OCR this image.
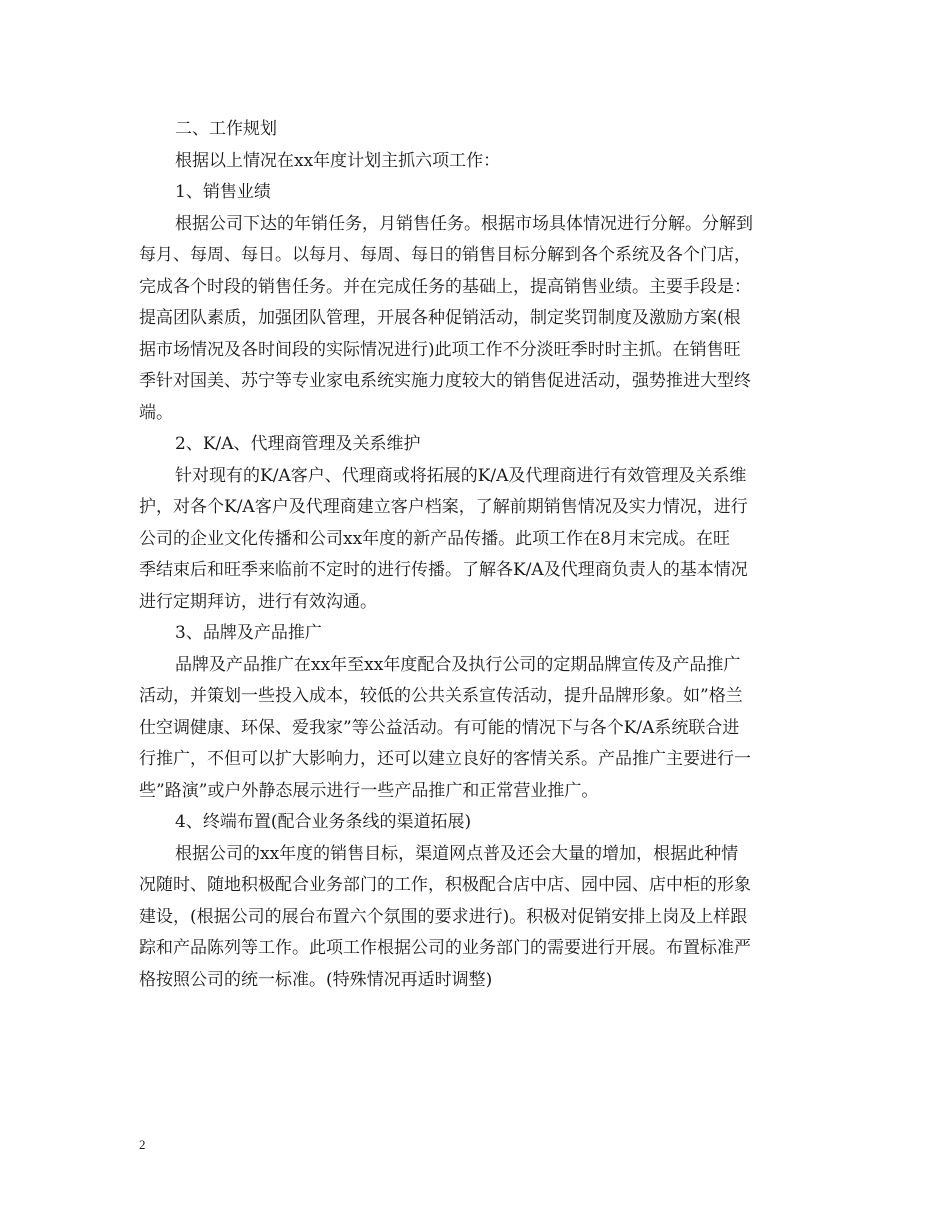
二、工作规划
根据以上情况在xx年度计划主抓六项工作：
1、销售业绩
根据公司下达的年销任务，月销售任务。根据市场具体情况进行分解。分解到
每月、每周、每日。以每月、每周、每日的销售目标分解到各个系统及各个门店，
完成各个时段的销售任务。并在完成任务的基础上，提高销售业绩。主要手段是：
提高团队素质，加强团队管理，开展各种促销活动，制定奖罚制度及激励方案(根
据市场情况及各时间段的实际情况进行)此项工作不分淡旺季时时主抓。在销售旺
季针对国美、苏宁等专业家电系统实施力度较大的销售促进活动，强势推进大型终
端。
2、K/A、代理商管理及关系维护
针对现有的K/A客户、代理商或将拓展的K/A及代理商进行有效管理及关系维
护，对各个K/A客户及代理商建立客户档案，了解前期销售情况及实力情况，进行
公司的企业文化传播和公司xx年度的新产品传播。此项工作在8月末完成。在旺
季结束后和旺季来临前不定时的进行传播。了解各K/A及代理商负责人的基本情况
进行定期拜访，进行有效沟通。
3、品牌及产品推广
品牌及产品推广在xx年至xx年度配合及执行公司的定期品牌宣传及产品推广
活动，并策划一些投入成本，较低的公共关系宣传活动，提升品牌形象。如”格兰
仕空调健康、环保、爱我家”等公益活动。有可能的情况下与各个K/A系统联合进
行推广，不但可以扩大影响力，还可以建立良好的客情关系。产品推广主要进行一
些”路演”或户外静态展示进行一些产品推广和正常营业推广。
4、终端布置(配合业务条线的渠道拓展)
根据公司的xx年度的销售目标，渠道网点普及还会大量的增加，根据此种情
况随时、随地积极配合业务部门的工作，积极配合店中店、园中园、店中柜的形象
建设，(根据公司的展台布置六个氛围的要求进行)。积极对促销安排上岗及上样跟
踪和产品陈列等工作。此项工作根据公司的业务部门的需要进行开展。布置标准严
格按照公司的统一标准。(特殊情况再适时调整)
2
